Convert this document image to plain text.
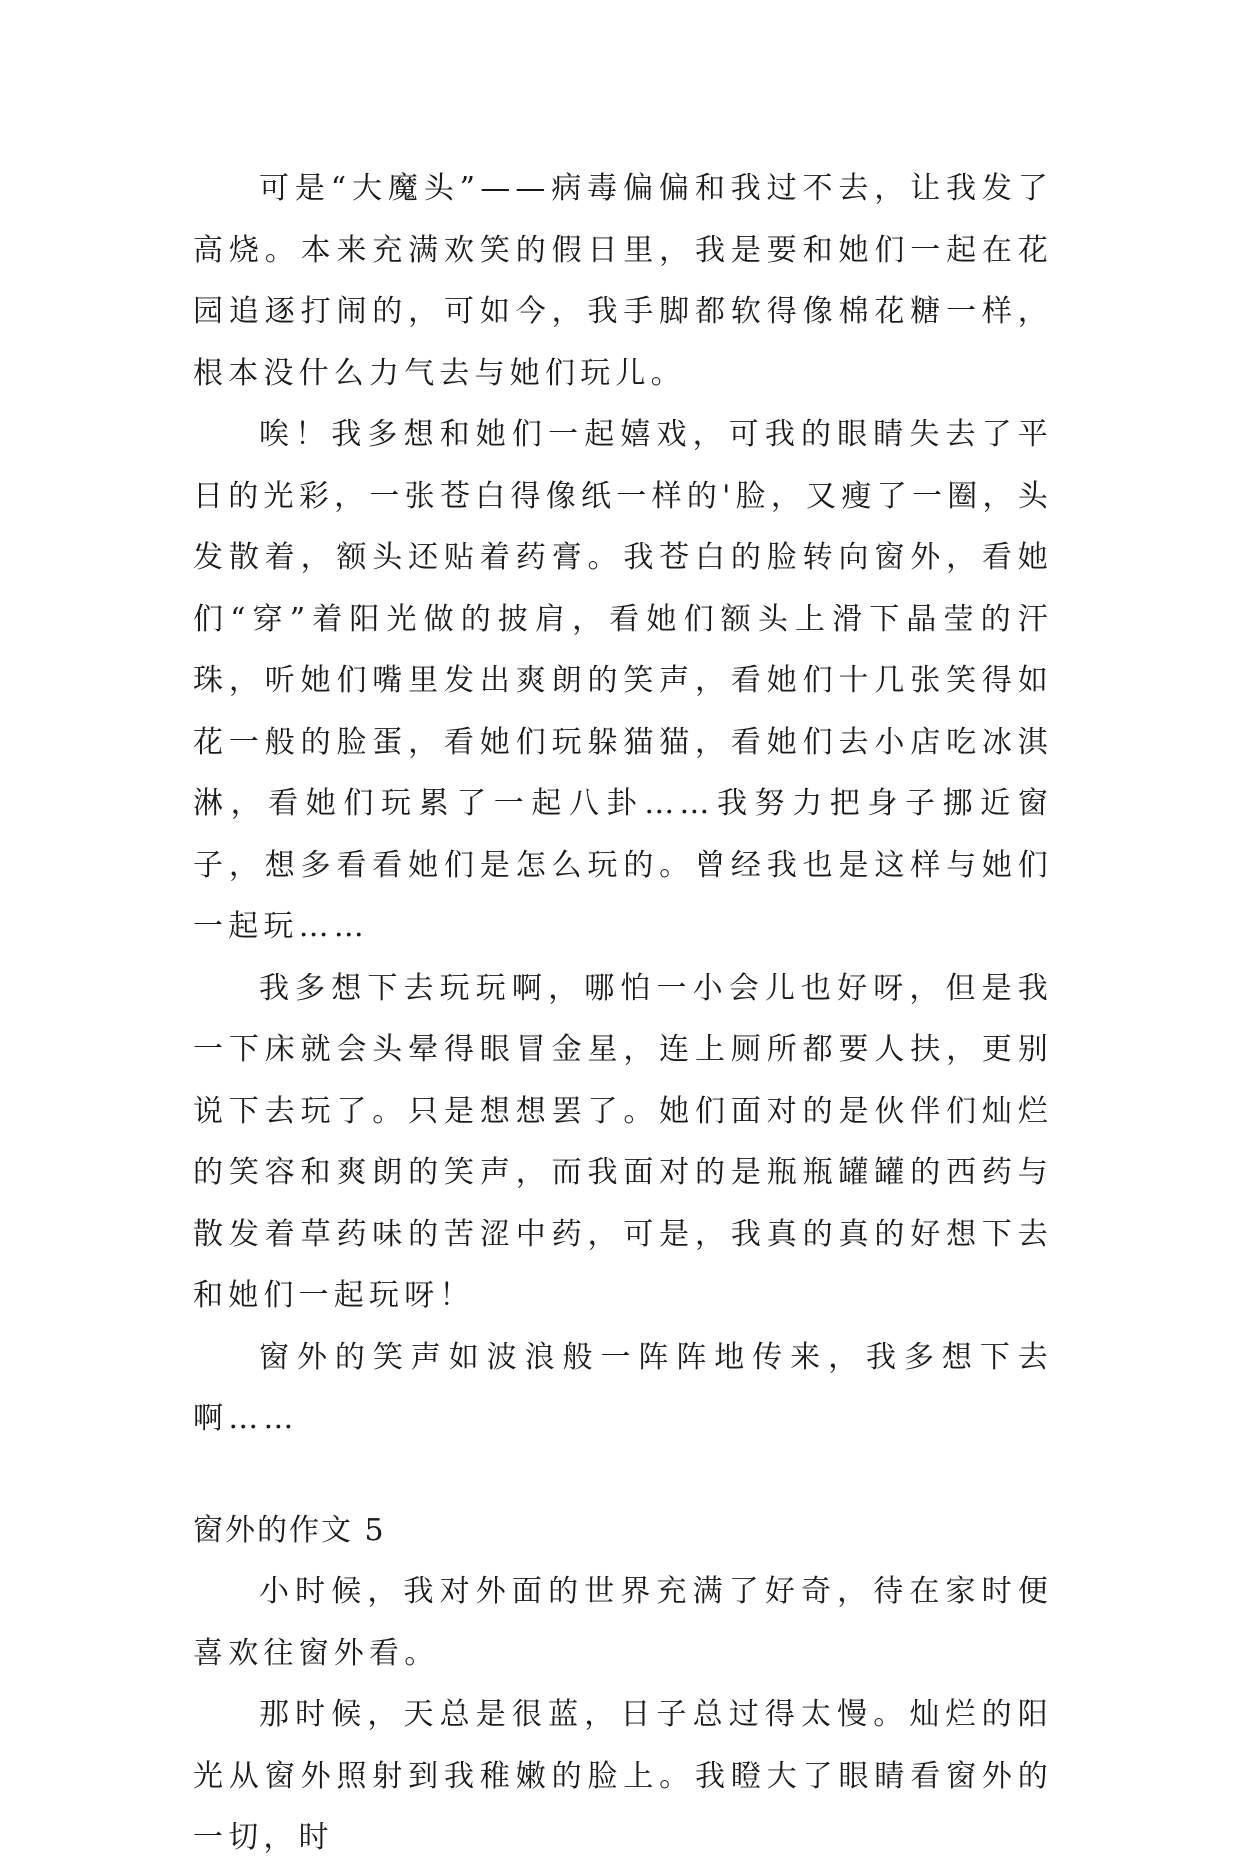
可是“大魔头”——病毒偏偏和我过不去，让我发了高烧。本来充满欢笑的假日里，我是要和她们一起在花园追逐打闹的，可如今，我手脚都软得像棉花糖一样，根本没什么力气去与她们玩儿。

唉！我多想和她们一起嬉戏，可我的眼睛失去了平日的光彩，一张苍白得像纸一样的'脸，又瘦了一圈，头发散着，额头还贴着药膏。我苍白的脸转向窗外，看她们“穿”着阳光做的披肩，看她们额头上滑下晶莹的汗珠，听她们嘴里发出爽朗的笑声，看她们十几张笑得如花一般的脸蛋，看她们玩躲猫猫，看她们去小店吃冰淇淋，看她们玩累了一起八卦……我努力把身子挪近窗子，想多看看她们是怎么玩的。曾经我也是这样与她们一起玩……

我多想下去玩玩啊，哪怕一小会儿也好呀，但是我一下床就会头晕得眼冒金星，连上厕所都要人扶，更别说下去玩了。只是想想罢了。她们面对的是伙伴们灿烂的笑容和爽朗的笑声，而我面对的是瓶瓶罐罐的西药与散发着草药味的苦涩中药，可是，我真的真的好想下去和她们一起玩呀！

窗外的笑声如波浪般一阵阵地传来，我多想下去啊……

窗外的作文 5

小时候，我对外面的世界充满了好奇，待在家时便喜欢往窗外看。

那时候，天总是很蓝，日子总过得太慢。灿烂的阳光从窗外照射到我稚嫩的脸上。我瞪大了眼睛看窗外的一切，时
